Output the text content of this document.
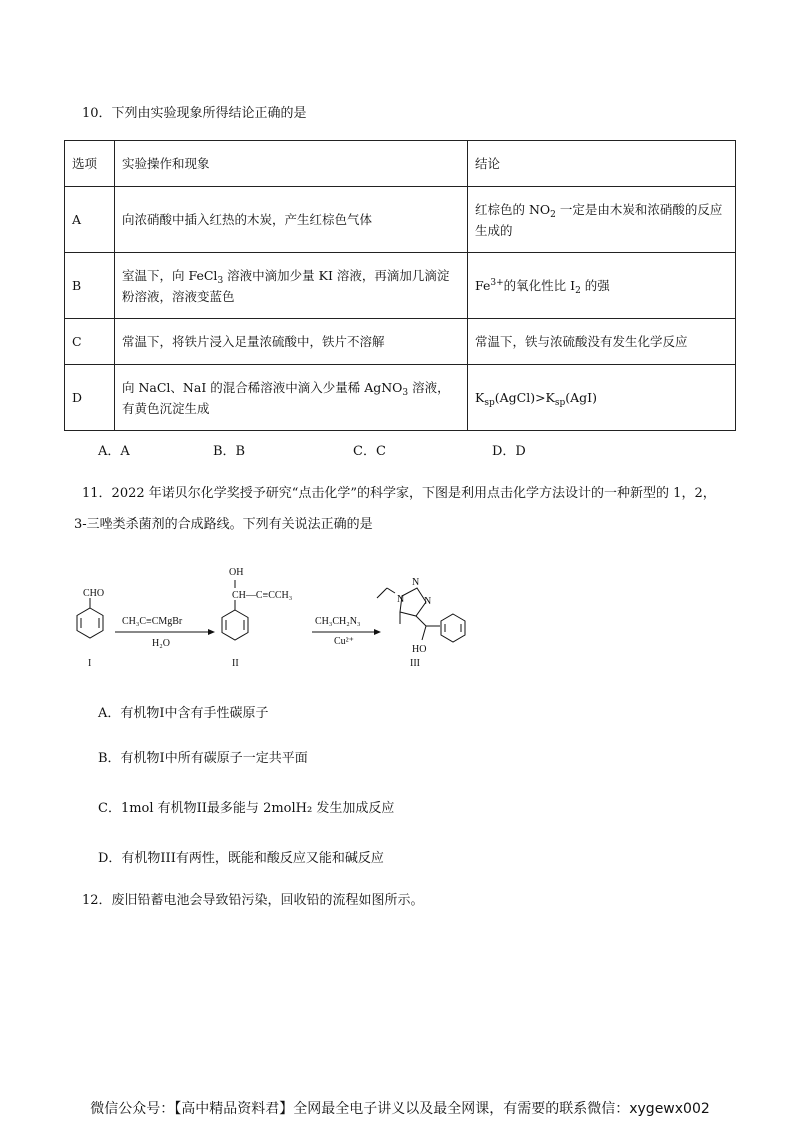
10．下列由实验现象所得结论正确的是
选项	实验操作和现象	结论
A	向浓硝酸中插入红热的木炭，产生红棕色气体	红棕色的 $NO_2$ 一定是由木炭和浓硝酸的反应生成的
B	室温下，向 FeCl$_3$ 溶液中滴加少量 KI 溶液，再滴加几滴淀粉溶液，溶液变蓝色	$Fe^{3+}$的氧化性比 $I_2$ 的强
C	常温下，将铁片浸入足量浓硫酸中，铁片不溶解	常温下，铁与浓硫酸没有发生化学反应
D	向 NaCl、NaI 的混合稀溶液中滴入少量稀 AgNO$_3$ 溶液，有黄色沉淀生成	$K_{sp}(AgCl)>K_{sp}(AgI)$
A．A	B．B	C．C	D．D
11．2022 年诺贝尔化学奖授予研究“点击化学”的科学家，下图是利用点击化学方法设计的一种新型的 1，2，
3-三唑类杀菌剂的合成路线。下列有关说法正确的是
CHO
I
CH₃C≡CMgBr
H₂O
OH
CH—C≡CCH₃
II
CH₃CH₂N₃
Cu²⁺
N
N
N
HO
III
A．有机物I中含有手性碳原子
B．有机物I中所有碳原子一定共平面
C．1mol 有机物II最多能与 2molH₂ 发生加成反应
D．有机物III有两性，既能和酸反应又能和碱反应
12．废旧铅蓄电池会导致铅污染，回收铅的流程如图所示。
微信公众号：【高中精品资料君】全网最全电子讲义以及最全网课，有需要的联系微信：xygewx002
